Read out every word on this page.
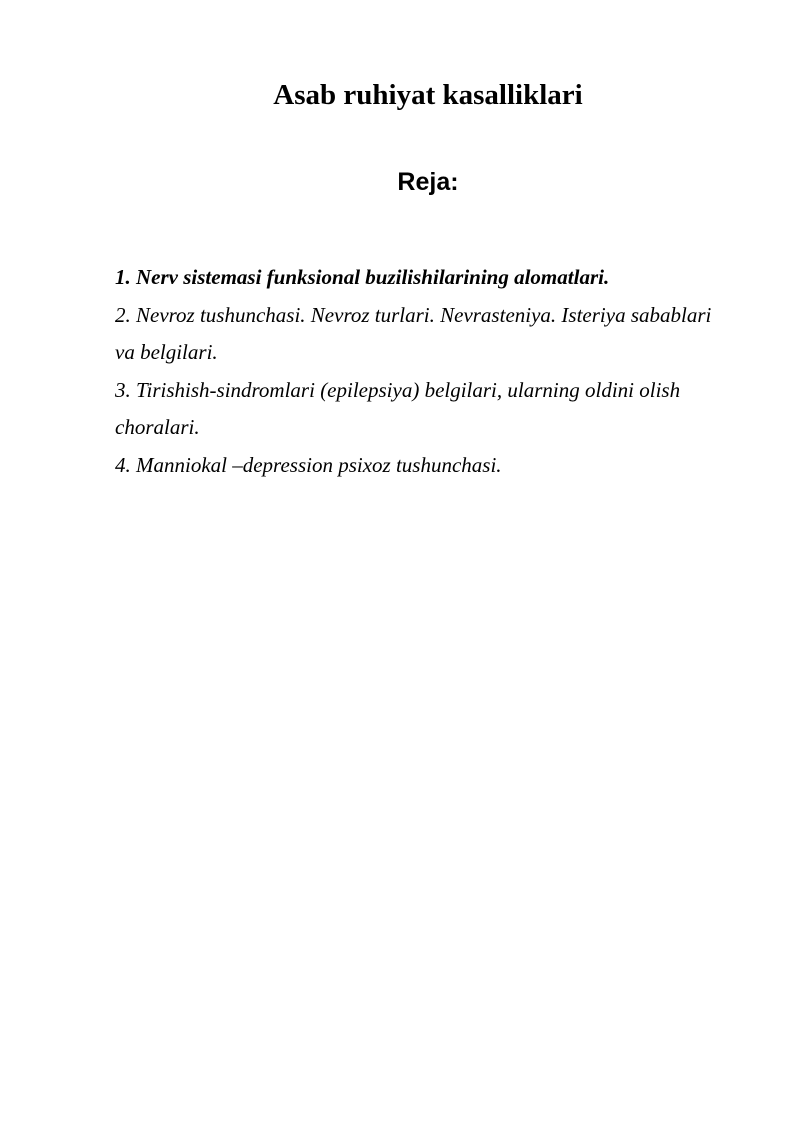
Asab ruhiyat kasalliklari
Reja:
1. Nerv sistemasi funksional buzilishilarining alomatlari.
2. Nevroz tushunchasi. Nevroz turlari. Nevrasteniya. Isteriya sabablari va belgilari.
3. Tirishish-sindromlari (epilepsiya) belgilari, ularning oldini olish choralari.
4. Manniokal –depression psixoz tushunchasi.
